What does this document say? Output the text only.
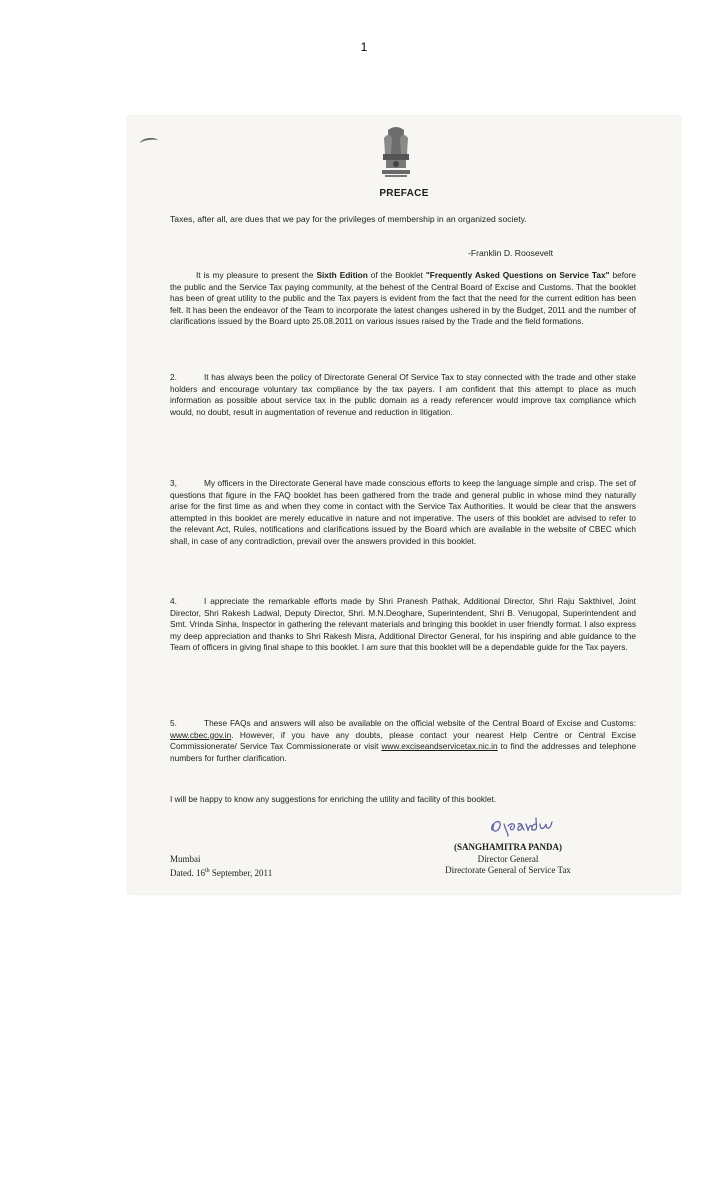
1
PREFACE
Taxes, after all, are dues that we pay for the privileges of membership in an organized society.
-Franklin D. Roosevelt
It is my pleasure to present the Sixth Edition of the Booklet "Frequently Asked Questions on Service Tax" before the public and the Service Tax paying community, at the behest of the Central Board of Excise and Customs. That the booklet has been of great utility to the public and the Tax payers is evident from the fact that the need for the current edition has been felt. It has been the endeavor of the Team to incorporate the latest changes ushered in by the Budget, 2011 and the number of clarifications issued by the Board upto 25.08.2011 on various issues raised by the Trade and the field formations.
2.	It has always been the policy of Directorate General Of Service Tax to stay connected with the trade and other stake holders and encourage voluntary tax compliance by the tax payers. I am confident that this attempt to place as much information as possible about service tax in the public domain as a ready referencer would improve tax compliance which would, no doubt, result in augmentation of revenue and reduction in litigation.
3,	My officers in the Directorate General have made conscious efforts to keep the language simple and crisp. The set of questions that figure in the FAQ booklet has been gathered from the trade and general public in whose mind they naturally arise for the first time as and when they come in contact with the Service Tax Authorities. It would be clear that the answers attempted in this booklet are merely educative in nature and not imperative. The users of this booklet are advised to refer to the relevant Act, Rules, notifications and clarifications issued by the Board which are available in the website of CBEC which shall, in case of any contradiction, prevail over the answers provided in this booklet.
4.	I appreciate the remarkable efforts made by Shri Pranesh Pathak, Additional Director, Shri Raju Sakthivel, Joint Director, Shri Rakesh Ladwal, Deputy Director, Shri. M.N.Deoghare, Superintendent, Shri B. Venugopal, Superintendent and Smt. Vrinda Sinha, Inspector in gathering the relevant materials and bringing this booklet in user friendly format. I also express my deep appreciation and thanks to Shri Rakesh Misra, Additional Director General, for his inspiring and able guidance to the Team of officers in giving final shape to this booklet. I am sure that this booklet will be a dependable guide for the Tax payers.
5.	These FAQs and answers will also be available on the official website of the Central Board of Excise and Customs: www.cbec.gov.in. However, if you have any doubts, please contact your nearest Help Centre or Central Excise Commissionerate/ Service Tax Commissionerate or visit www.exciseandservicetax.nic.in to find the addresses and telephone numbers for further clarification.
I will be happy to know any suggestions for enriching the utility and facility of this booklet.
(SANGHAMITRA PANDA)
Director General
Directorate General of Service Tax
Mumbai
Dated. 16th September, 2011
